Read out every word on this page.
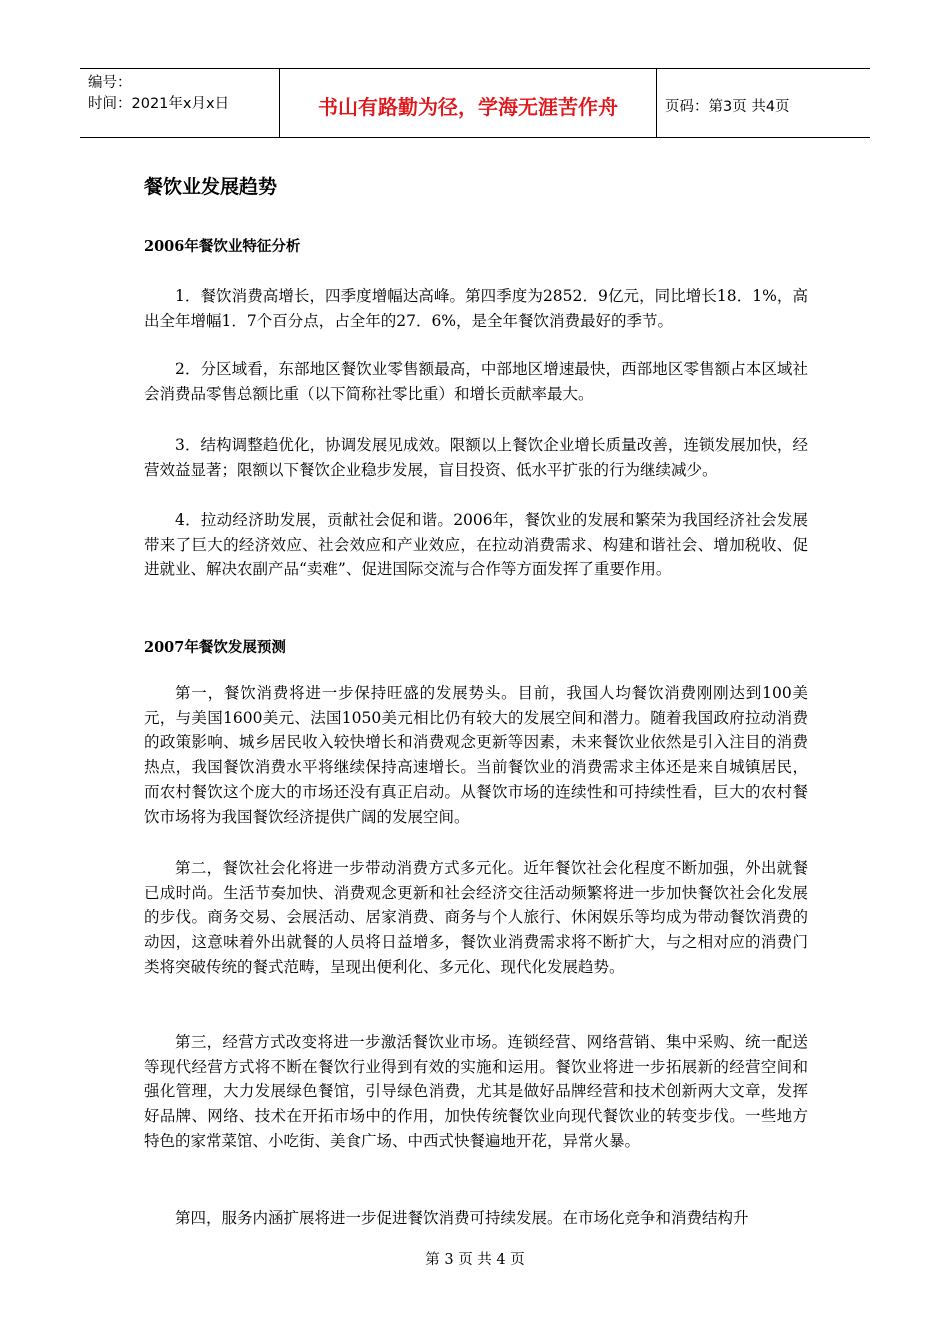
编号：
时间：2021年x月x日	书山有路勤为径，学海无涯苦作舟	页码：第3页 共4页
餐饮业发展趋势
2006年餐饮业特征分析

1．餐饮消费高增长，四季度增幅达高峰。第四季度为2852．9亿元，同比增长18．1%，高出全年增幅1．7个百分点，占全年的27．6%，是全年餐饮消费最好的季节。

2．分区域看，东部地区餐饮业零售额最高，中部地区增速最快，西部地区零售额占本区域社会消费品零售总额比重（以下简称社零比重）和增长贡献率最大。

3．结构调整趋优化，协调发展见成效。限额以上餐饮企业增长质量改善，连锁发展加快，经营效益显著；限额以下餐饮企业稳步发展，盲目投资、低水平扩张的行为继续减少。

4．拉动经济助发展，贡献社会促和谐。2006年，餐饮业的发展和繁荣为我国经济社会发展带来了巨大的经济效应、社会效应和产业效应，在拉动消费需求、构建和谐社会、增加税收、促进就业、解决农副产品“卖难”、促进国际交流与合作等方面发挥了重要作用。

2007年餐饮发展预测

第一，餐饮消费将进一步保持旺盛的发展势头。目前，我国人均餐饮消费刚刚达到100美元，与美国1600美元、法国1050美元相比仍有较大的发展空间和潜力。随着我国政府拉动消费的政策影响、城乡居民收入较快增长和消费观念更新等因素，未来餐饮业依然是引入注目的消费热点，我国餐饮消费水平将继续保持高速增长。当前餐饮业的消费需求主体还是来自城镇居民，而农村餐饮这个庞大的市场还没有真正启动。从餐饮市场的连续性和可持续性看，巨大的农村餐饮市场将为我国餐饮经济提供广阔的发展空间。

第二，餐饮社会化将进一步带动消费方式多元化。近年餐饮社会化程度不断加强，外出就餐已成时尚。生活节奏加快、消费观念更新和社会经济交往活动频繁将进一步加快餐饮社会化发展的步伐。商务交易、会展活动、居家消费、商务与个人旅行、休闲娱乐等均成为带动餐饮消费的动因，这意味着外出就餐的人员将日益增多，餐饮业消费需求将不断扩大，与之相对应的消费门类将突破传统的餐式范畴，呈现出便利化、多元化、现代化发展趋势。

第三，经营方式改变将进一步激活餐饮业市场。连锁经营、网络营销、集中采购、统一配送等现代经营方式将不断在餐饮行业得到有效的实施和运用。餐饮业将进一步拓展新的经营空间和强化管理，大力发展绿色餐馆，引导绿色消费，尤其是做好品牌经营和技术创新两大文章，发挥好品牌、网络、技术在开拓市场中的作用，加快传统餐饮业向现代餐饮业的转变步伐。一些地方特色的家常菜馆、小吃街、美食广场、中西式快餐遍地开花，异常火暴。

第四，服务内涵扩展将进一步促进餐饮消费可持续发展。在市场化竞争和消费结构升

第 3 页 共 4 页
